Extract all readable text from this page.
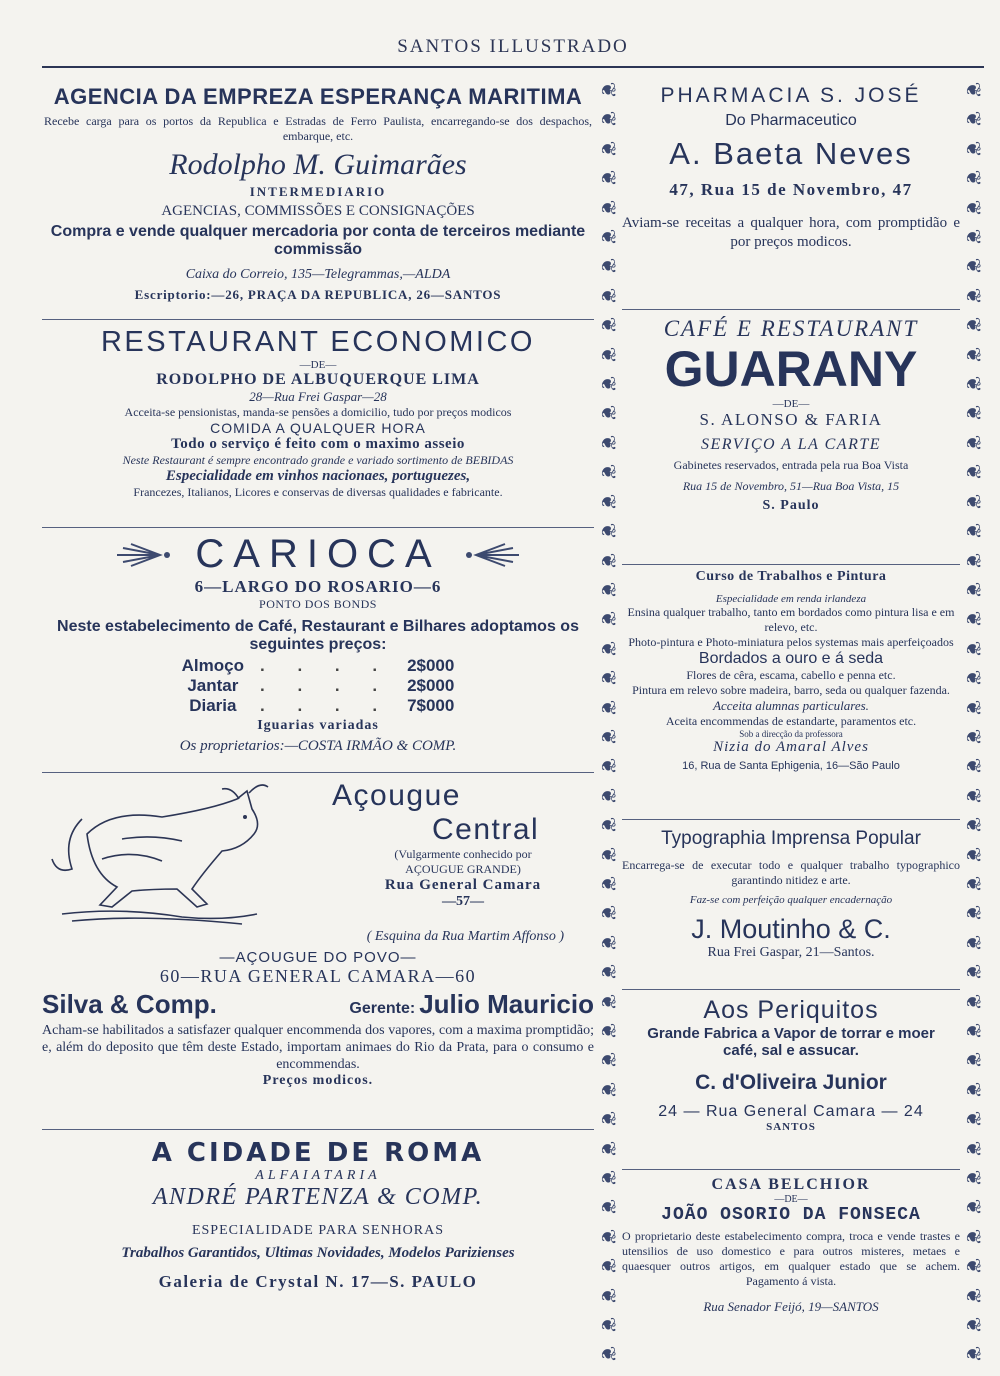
SANTOS ILLUSTRADO
❦
❦
❦
❦
❦
❦
❦
❦
❦
❦
❦
❦
❦
❦
❦
❦
❦
❦
❦
❦
❦
❦
❦
❦
❦
❦
❦
❦
❦
❦
❦
❦
❦
❦
❦
❦
❦
❦
❦
❦
❦
❦
❦
❦
❦
❦
❦
❦
❦
❦
❦
❦
❦
❦
❦
❦
❦
❦
❦
❦
❦
❦
❦
❦
❦
❦
❦
❦
❦
❦
❦
❦
❦
❦
❦
❦
❦
❦
❦
❦
❦
❦
❦
❦
❦
❦
❦
❦
AGENCIA DA EMPREZA ESPERANÇA MARITIMA
Recebe carga para os portos da Republica e Estradas de Ferro Paulista, encarregando-se dos despachos, embarque, etc.
Rodolpho M. Guimarães
INTERMEDIARIO
AGENCIAS, COMMISSÕES E CONSIGNAÇÕES
Compra e vende qualquer mercadoria por conta de terceiros mediante commissão
Caixa do Correio, 135—Telegrammas,—ALDA
Escriptorio:—26, PRAÇA DA REPUBLICA, 26—SANTOS
RESTAURANT ECONOMICO
—DE—
RODOLPHO DE ALBUQUERQUE LIMA
28—Rua Frei Gaspar—28
Acceita-se pensionistas, manda-se pensões a domicilio, tudo por preços modicos
COMIDA A QUALQUER HORA
Todo o serviço é feito com o maximo asseio
Neste Restaurant é sempre encontrado grande e variado sortimento de BEBIDAS
Especialidade em vinhos nacionaes, portuguezes,
Francezes, Italianos, Licores e conservas de diversas qualidades e fabricante.
CARIOCA
6—LARGO DO ROSARIO—6
PONTO DOS BONDS
Neste estabelecimento de Café, Restaurant e Bilhares adoptamos os seguintes preços:
Almoço	. . . .	2$000
Jantar	. . . .	2$000
Diaria	. . . .	7$000
Iguarias variadas
Os proprietarios:—COSTA IRMÃO & COMP.
Açougue
Central
(Vulgarmente conhecido por
AÇOUGUE GRANDE)
Rua General Camara
—57—
( Esquina da Rua Martim Affonso )
—AÇOUGUE DO POVO—
60—RUA GENERAL CAMARA—60
Silva & Comp.	Gerente: Julio Mauricio
Acham-se habilitados a satisfazer qualquer encommenda dos vapores, com a maxima promptidão; e, além do deposito que têm deste Estado, importam animaes do Rio da Prata, para o consumo e encommendas.
Preços modicos.
A CIDADE DE ROMA
ALFAIATARIA
ANDRÉ PARTENZA & COMP.
ESPECIALIDADE PARA SENHORAS
Trabalhos Garantidos, Ultimas Novidades, Modelos Parizienses
Galeria de Crystal N. 17—S. PAULO
PHARMACIA S. JOSÉ
Do Pharmaceutico
A. Baeta Neves
47, Rua 15 de Novembro, 47
Aviam-se receitas a qualquer hora, com promptidão e por preços modicos.
CAFÉ E RESTAURANT
GUARANY
—DE—
S. ALONSO & FARIA
SERVIÇO A LA CARTE
Gabinetes reservados, entrada pela rua Boa Vista
Rua 15 de Novembro, 51—Rua Boa Vista, 15
S. Paulo
Curso de Trabalhos e Pintura
Especialidade em renda irlandeza
Ensina qualquer trabalho, tanto em bordados como pintura lisa e em relevo, etc.
Photo-pintura e Photo-miniatura pelos systemas mais aperfeiçoados
Bordados a ouro e á seda
Flores de cêra, escama, cabello e penna etc.
Pintura em relevo sobre madeira, barro, seda ou qualquer fazenda.
Acceita alumnas particulares.
Aceita encommendas de estandarte, paramentos etc.
Sob a direcção da professora
Nizia do Amaral Alves
16, Rua de Santa Ephigenia, 16—São Paulo
Typographia Imprensa Popular
Encarrega-se de executar todo e qualquer trabalho typographico garantindo nitidez e arte.
Faz-se com perfeição qualquer encadernação
J. Moutinho & C.
Rua Frei Gaspar, 21—Santos.
Aos Periquitos
Grande Fabrica a Vapor de torrar e moer café, sal e assucar.
C. d'Oliveira Junior
24 — Rua General Camara — 24
SANTOS
CASA BELCHIOR
—DE—
JOÃO OSORIO DA FONSECA
O proprietario deste estabelecimento compra, troca e vende trastes e utensilios de uso domestico e para outros misteres, metaes e quaesquer outros artigos, em qualquer estado que se achem. Pagamento á vista.
Rua Senador Feijó, 19—SANTOS
